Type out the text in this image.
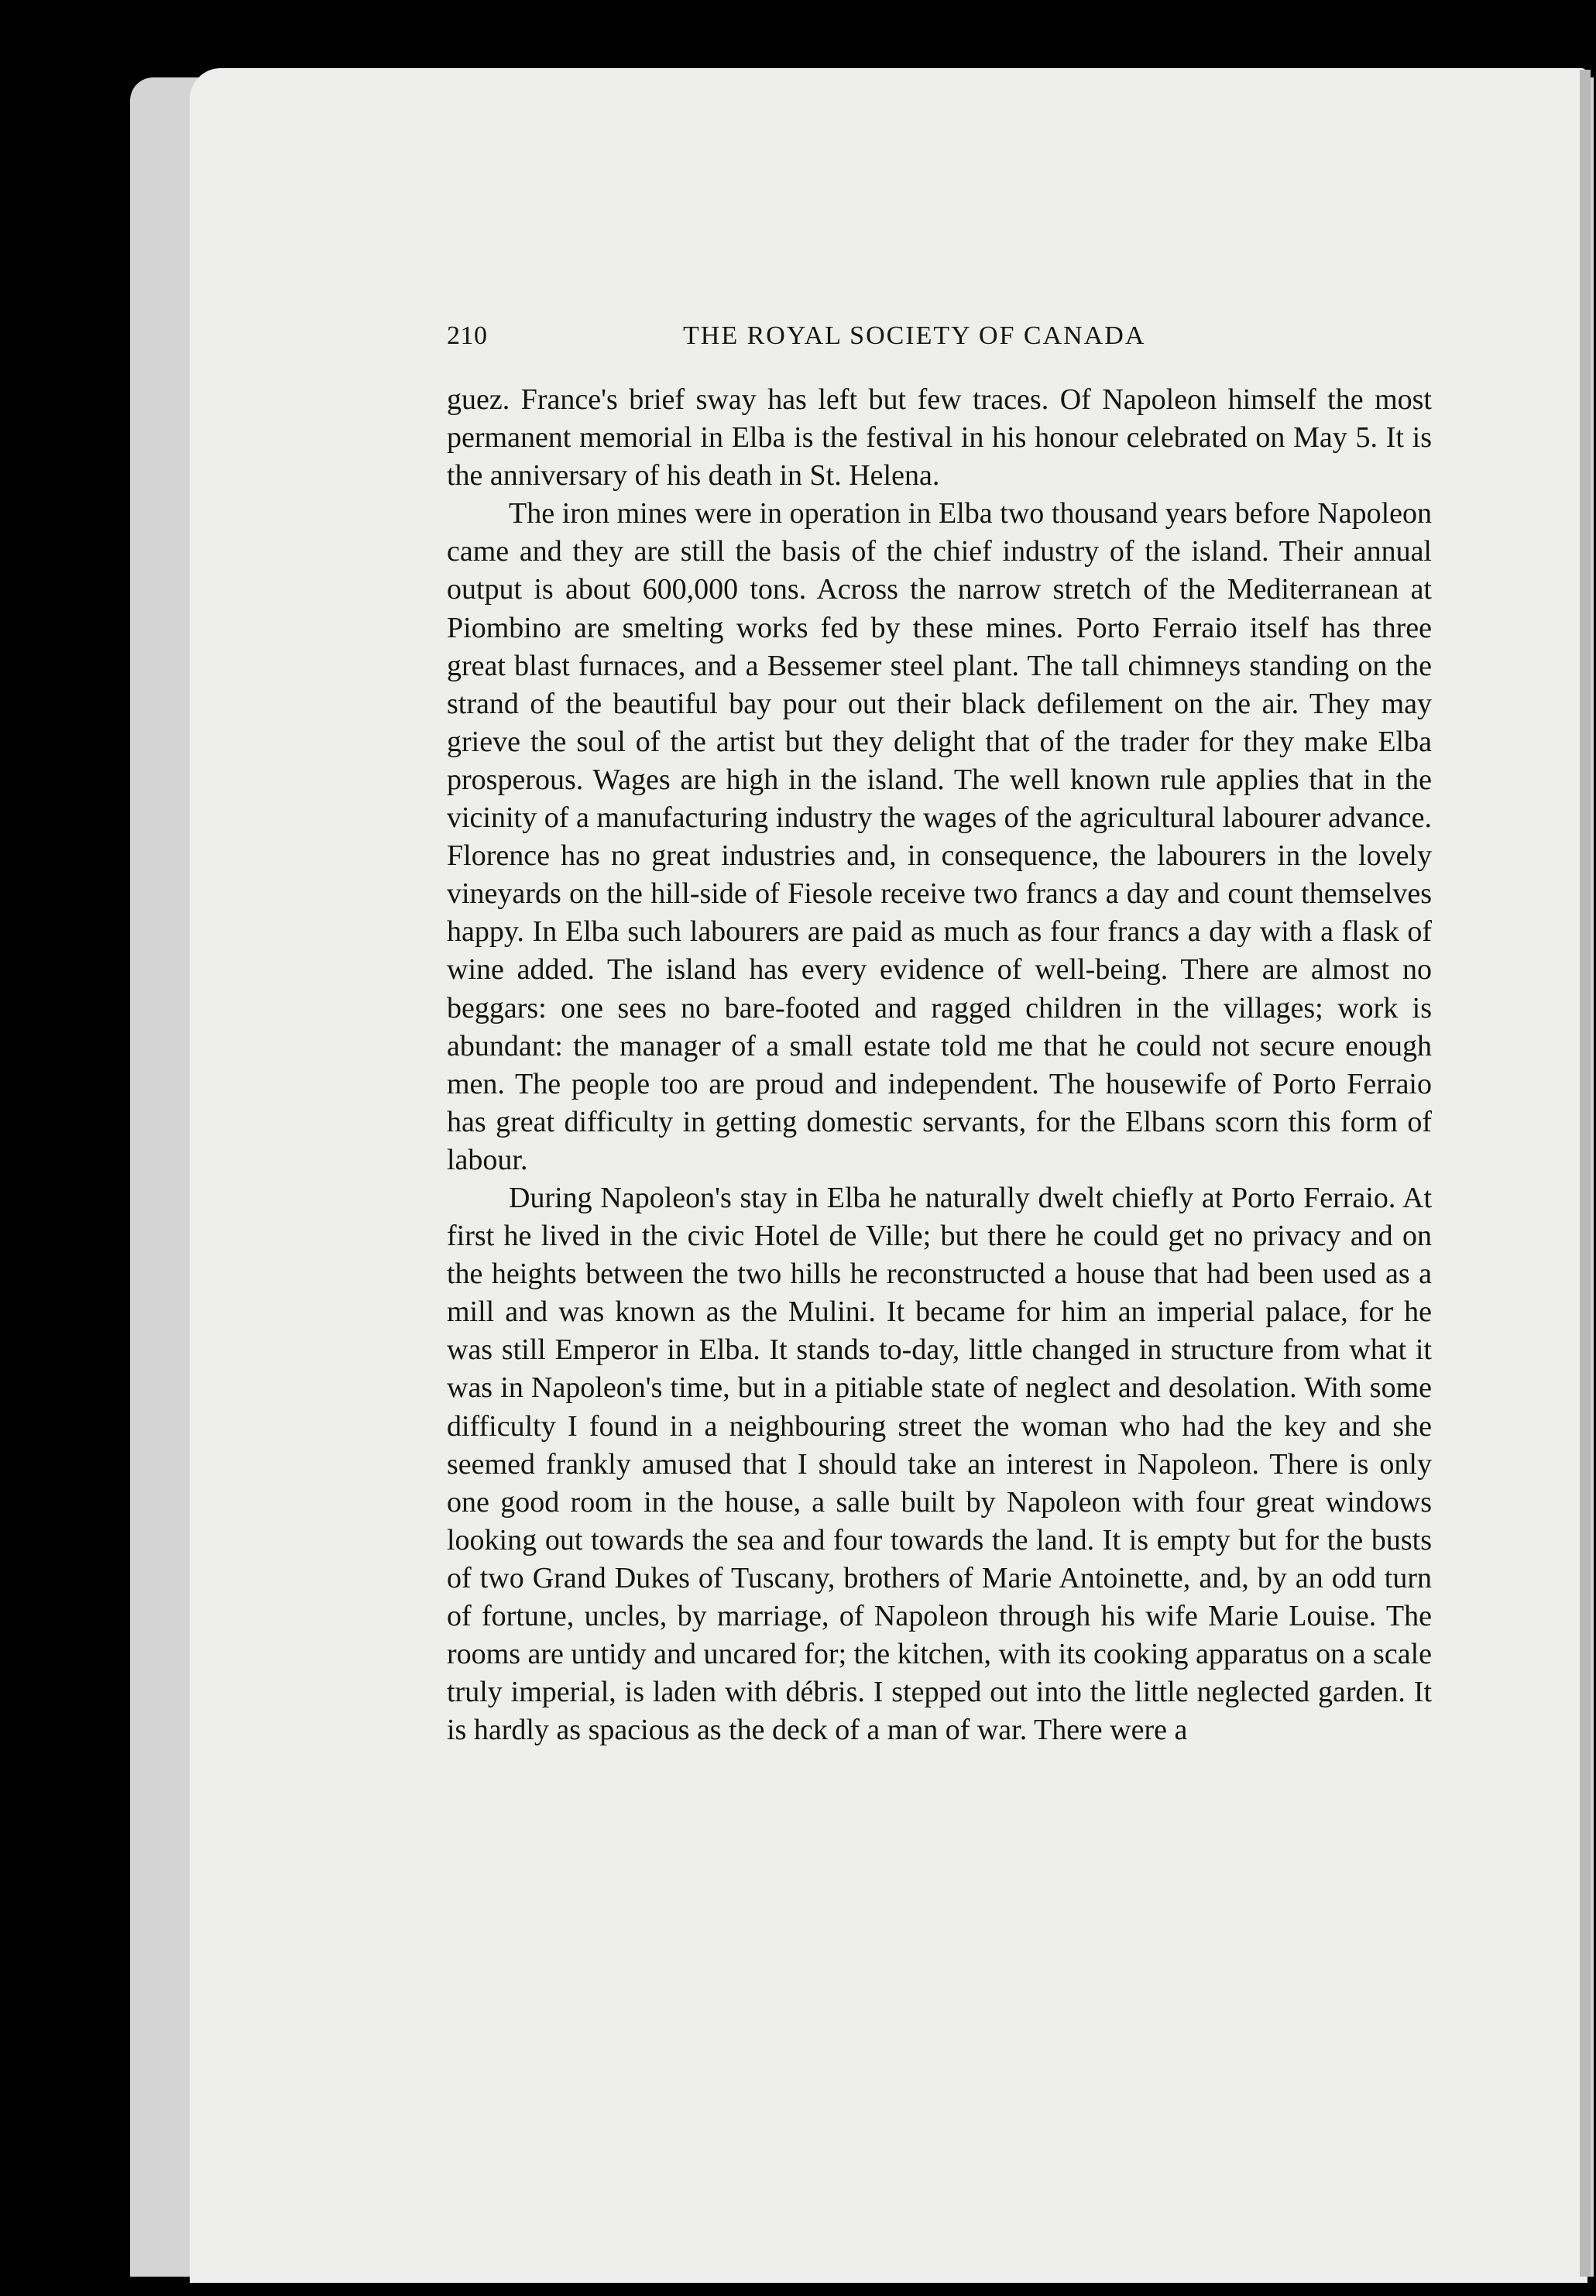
210	THE ROYAL SOCIETY OF CANADA

guez. France's brief sway has left but few traces. Of Napoleon himself the most permanent memorial in Elba is the festival in his honour celebrated on May 5. It is the anniversary of his death in St. Helena.

The iron mines were in operation in Elba two thousand years before Napoleon came and they are still the basis of the chief industry of the island. Their annual output is about 600,000 tons. Across the narrow stretch of the Mediterranean at Piombino are smelting works fed by these mines. Porto Ferraio itself has three great blast furnaces, and a Bessemer steel plant. The tall chimneys standing on the strand of the beautiful bay pour out their black defilement on the air. They may grieve the soul of the artist but they delight that of the trader for they make Elba prosperous. Wages are high in the island. The well known rule applies that in the vicinity of a manufacturing industry the wages of the agricultural labourer advance. Florence has no great industries and, in consequence, the labourers in the lovely vineyards on the hill-side of Fiesole receive two francs a day and count themselves happy. In Elba such labourers are paid as much as four francs a day with a flask of wine added. The island has every evidence of well-being. There are almost no beggars: one sees no bare-footed and ragged children in the villages; work is abundant: the manager of a small estate told me that he could not secure enough men. The people too are proud and independent. The housewife of Porto Ferraio has great difficulty in getting domestic servants, for the Elbans scorn this form of labour.

During Napoleon's stay in Elba he naturally dwelt chiefly at Porto Ferraio. At first he lived in the civic Hotel de Ville; but there he could get no privacy and on the heights between the two hills he reconstructed a house that had been used as a mill and was known as the Mulini. It became for him an imperial palace, for he was still Emperor in Elba. It stands to-day, little changed in structure from what it was in Napoleon's time, but in a pitiable state of neglect and desolation. With some difficulty I found in a neighbouring street the woman who had the key and she seemed frankly amused that I should take an interest in Napoleon. There is only one good room in the house, a salle built by Napoleon with four great windows looking out towards the sea and four towards the land. It is empty but for the busts of two Grand Dukes of Tuscany, brothers of Marie Antoinette, and, by an odd turn of fortune, uncles, by marriage, of Napoleon through his wife Marie Louise. The rooms are untidy and uncared for; the kitchen, with its cooking apparatus on a scale truly imperial, is laden with débris. I stepped out into the little neglected garden. It is hardly as spacious as the deck of a man of war. There were a
